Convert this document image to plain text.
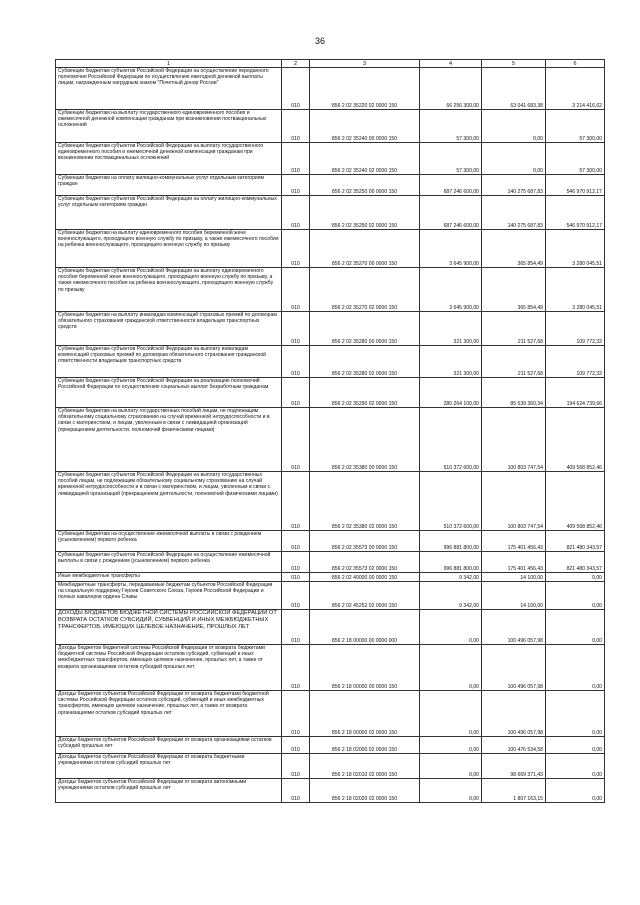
36
1	2	3	4	5	6
Субвенции бюджетам субъектов Российской Федерации на осуществление переданного полномочия Российской Федерации по осуществлению ежегодной денежной выплаты лицам, награжденным нагрудным знаком "Почетный донор России"	010	856 2 02 35220 02 0000 150	66 256 300,00	63 041 683,38	3 214 416,62
Субвенции бюджетам на выплату государственного единовременного пособия и ежемесячной денежной компенсации гражданам при возникновении поствакцинальных осложнений	010	856 2 02 35240 00 0000 150	57 300,00	0,00	57 300,00
Субвенции бюджетам субъектов Российской Федерации на выплату государственного единовременного пособия и ежемесячной денежной компенсации гражданам при возникновении поствакцинальных осложнений	010	856 2 02 35240 02 0000 150	57 300,00	0,00	57 300,00
Субвенции бюджетам на оплату жилищно-коммунальных услуг отдельным категориям граждан	010	856 2 02 35250 00 0000 150	687 246 600,00	140 275 687,83	546 970 912,17
Субвенции бюджетам субъектов Российской Федерации на оплату жилищно-коммунальных услуг отдельным категориям граждан	010	856 2 02 35250 02 0000 150	687 246 600,00	140 275 687,83	546 970 912,17
Субвенции бюджетам на выплату единовременного пособия беременной жене военнослужащего, проходящего военную службу по призыву, а также ежемесячного пособия на ребенка военнослужащего, проходящего военную службу по призыву	010	856 2 02 35270 00 0000 150	3 645 900,00	365 854,49	3 280 045,51
Субвенции бюджетам субъектов Российской Федерации на выплату единовременного пособия беременной жене военнослужащего, проходящего военную службу по призыву, а также ежемесячного пособия на ребенка военнослужащего, проходящего военную службу по призыву	010	856 2 02 35270 02 0000 150	3 645 900,00	365 854,49	3 280 045,51
Субвенции бюджетам на выплату инвалидам компенсаций страховых премий по договорам обязательного страхования гражданской ответственности владельцев транспортных средств	010	856 2 02 35280 00 0000 150	321 300,00	211 527,68	109 772,32
Субвенции бюджетам субъектов Российской Федерации на выплату инвалидам компенсаций страховых премий по договорам обязательного страхования гражданской ответственности владельцев транспортных средств	010	856 2 02 35280 02 0000 150	321 300,00	211 527,68	109 772,32
Субвенции бюджетам субъектов Российской Федерации на реализацию полномочий Российской Федерации по осуществлению социальных выплат безработным гражданам	010	856 2 02 35290 02 0000 150	280 264 100,00	85 639 360,34	194 624 739,66
Субвенции бюджетам на выплату государственных пособий лицам, не подлежащим обязательному социальному страхованию на случай временной нетрудоспособности и в связи с материнством, и лицам, уволенным в связи с ликвидацией организаций (прекращением деятельности, полномочий физическими лицами)	010	856 2 02 35380 00 0000 150	510 372 600,00	100 803 747,54	409 568 852,46
Субвенции бюджетам субъектов Российской Федерации на выплату государственных пособий лицам, не подлежащим обязательному социальному страхованию на случай временной нетрудоспособности и в связи с материнством, и лицам, уволенным в связи с ликвидацией организаций (прекращением деятельности, полномочий физическими лицами)	010	856 2 02 35380 02 0000 150	510 372 600,00	100 803 747,54	409 568 852,46
Субвенции бюджетам на осуществление ежемесячной выплаты в связи с рождением (усыновлением) первого ребенка	010	856 2 02 35573 00 0000 150	996 881 800,00	175 401 456,43	821 480 343,57
Субвенции бюджетам субъектов Российской Федерации на осуществление ежемесячной выплаты в связи с рождением (усыновлением) первого ребенка	010	856 2 02 35573 02 0000 150	996 881 800,00	175 401 456,43	821 480 343,57
Иные межбюджетные трансферты	010	856 2 02 40000 00 0000 150	9 342,00	14 100,00	0,00
Межбюджетные трансферты, передаваемые бюджетам субъектов Российской Федерации на социальную поддержку Героев Советского Союза, Героев Российской Федерации и полных кавалеров ордена Славы	010	856 2 02 45252 02 0000 150	9 342,00	14 100,00	0,00
ДОХОДЫ БЮДЖЕТОВ БЮДЖЕТНОЙ СИСТЕМЫ РОССИЙСКОЙ ФЕДЕРАЦИИ ОТ ВОЗВРАТА ОСТАТКОВ СУБСИДИЙ, СУБВЕНЦИЙ И ИНЫХ МЕЖБЮДЖЕТНЫХ ТРАНСФЕРТОВ, ИМЕЮЩИХ ЦЕЛЕВОЕ НАЗНАЧЕНИЕ, ПРОШЛЫХ ЛЕТ	010	856 2 18 00000 00 0000 000	0,00	100 496 057,98	0,00
Доходы бюджетов бюджетной системы Российской Федерации от возврата бюджетами бюджетной системы Российской Федерации остатков субсидий, субвенций и иных межбюджетных трансфертов, имеющих целевое назначение, прошлых лет, а также от возврата организациями остатков субсидий прошлых лет	010	856 2 18 00000 00 0000 150	0,00	100 496 057,98	0,00
Доходы бюджетов субъектов Российской Федерации от возврата бюджетами бюджетной системы Российской Федерации остатков субсидий, субвенций и иных межбюджетных трансфертов, имеющих целевое назначение, прошлых лет, а также от возврата организациями остатков субсидий прошлых лет	010	856 2 18 00000 02 0000 150	0,00	100 496 057,98	0,00
Доходы бюджетов субъектов Российской Федерации от возврата организациями остатков субсидий прошлых лет	010	856 2 18 02000 02 0000 150	0,00	100 476 534,58	0,00
Доходы бюджетов субъектов Российской Федерации от возврата бюджетными учреждениями остатков субсидий прошлых лет	010	856 2 18 02010 02 0000 150	0,00	98 669 371,43	0,00
Доходы бюджетов субъектов Российской Федерации от возврата автономными учреждениями остатков субсидий прошлых лет	010	856 2 18 02020 02 0000 150	0,00	1 807 163,15	0,00
